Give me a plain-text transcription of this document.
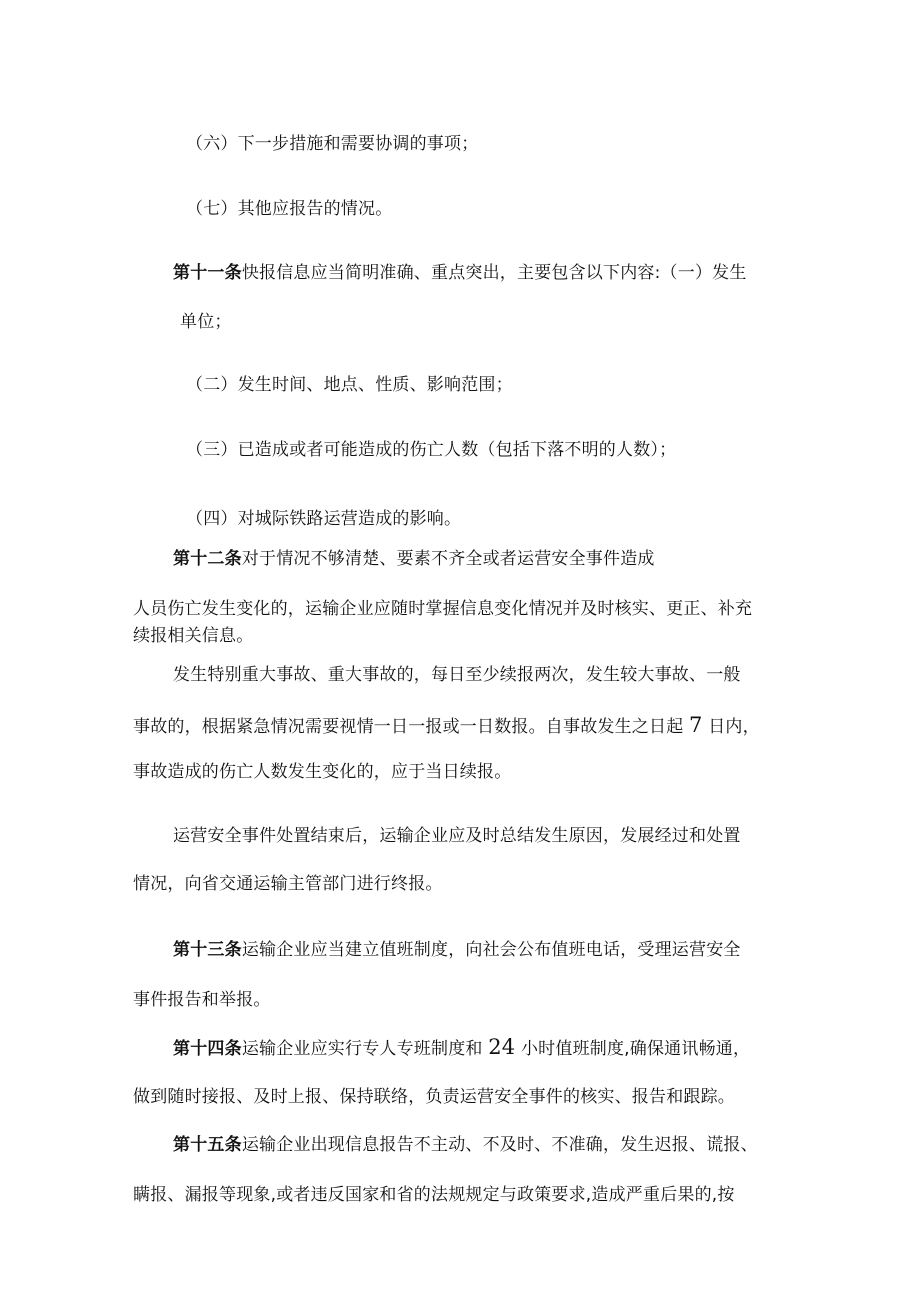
（六）下一步措施和需要协调的事项；
（七）其他应报告的情况。
第十一条快报信息应当简明准确、重点突出，主要包含以下内容:（一）发生
单位；
（二）发生时间、地点、性质、影响范围；
（三）已造成或者可能造成的伤亡人数（包括下落不明的人数）；
（四）对城际铁路运营造成的影响。
第十二条对于情况不够清楚、要素不齐全或者运营安全事件造成
人员伤亡发生变化的，运输企业应随时掌握信息变化情况并及时核实、更正、补充
续报相关信息。
发生特别重大事故、重大事故的，每日至少续报两次，发生较大事故、一般
事故的，根据紧急情况需要视情一日一报或一日数报。自事故发生之日起 7 日内，
事故造成的伤亡人数发生变化的，应于当日续报。
运营安全事件处置结束后，运输企业应及时总结发生原因，发展经过和处置
情况，向省交通运输主管部门进行终报。
第十三条运输企业应当建立值班制度，向社会公布值班电话，受理运营安全
事件报告和举报。
第十四条运输企业应实行专人专班制度和 24 小时值班制度,确保通讯畅通，
做到随时接报、及时上报、保持联络，负责运营安全事件的核实、报告和跟踪。
第十五条运输企业出现信息报告不主动、不及时、不准确，发生迟报、谎报、
瞒报、漏报等现象,或者违反国家和省的法规规定与政策要求,造成严重后果的,按
